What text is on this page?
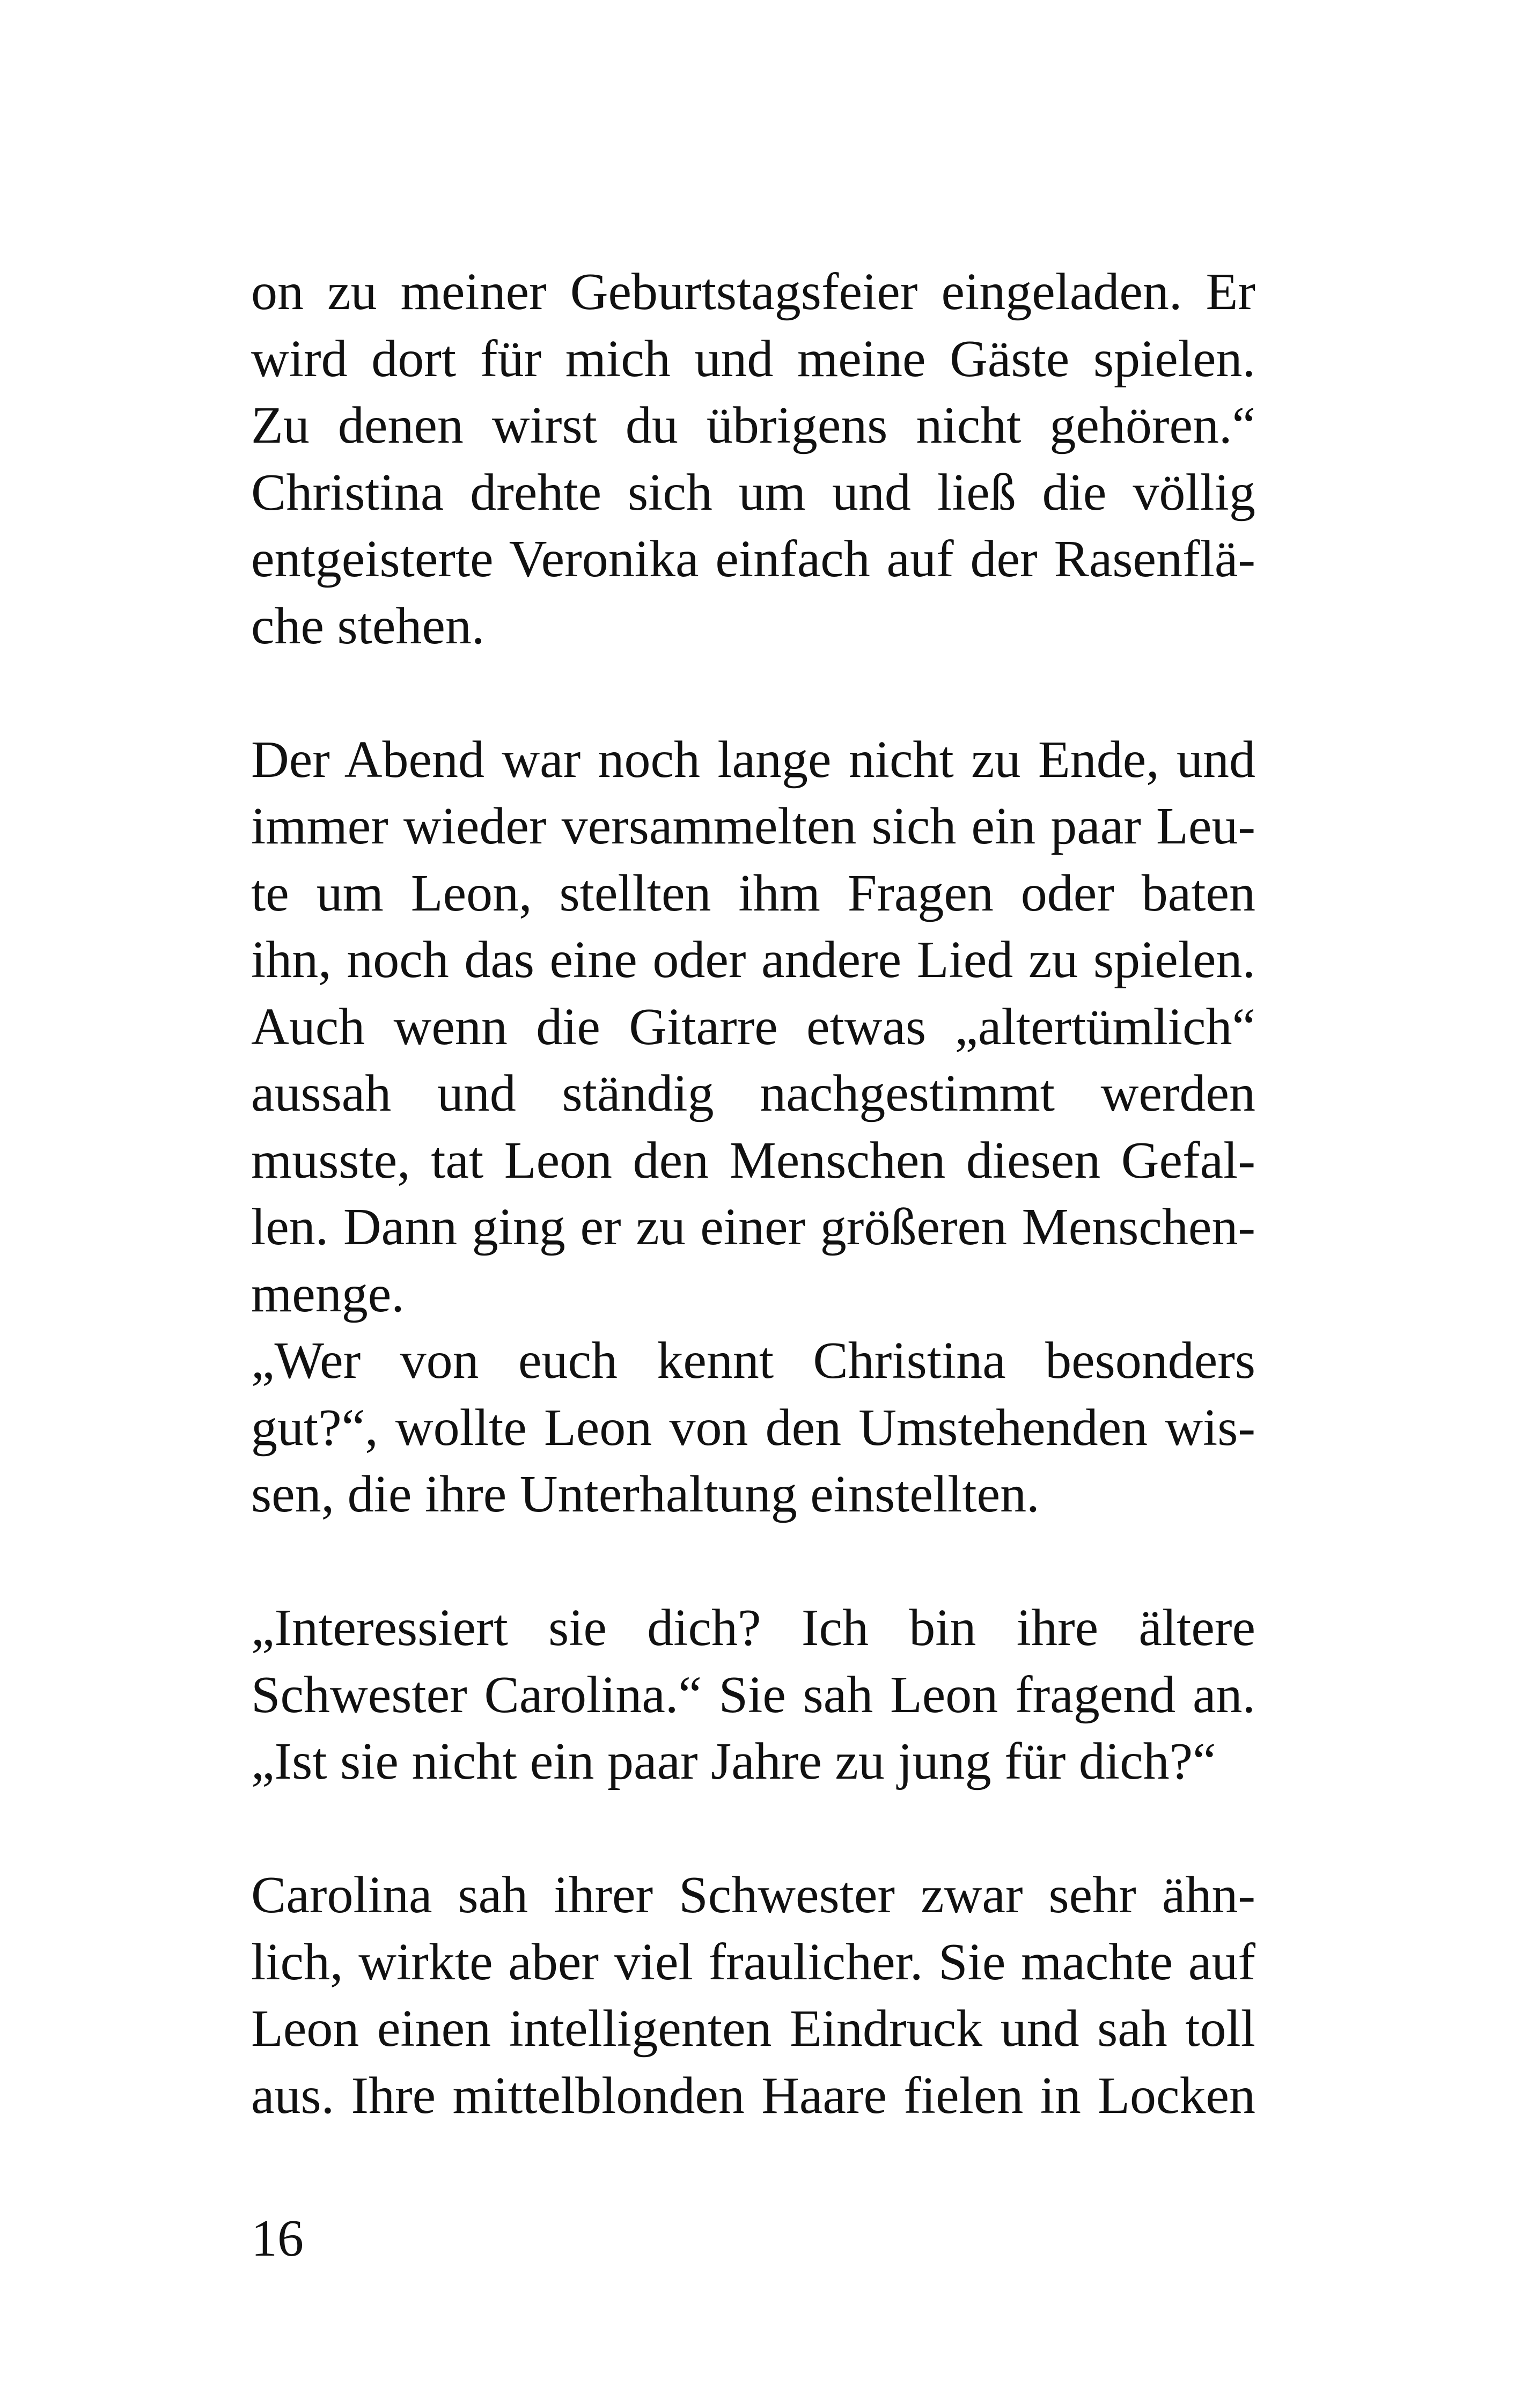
on zu meiner Geburtstagsfeier eingeladen. Er
wird dort für mich und meine Gäste spielen.
Zu denen wirst du übrigens nicht gehören.“
Christina drehte sich um und ließ die völlig
entgeisterte Veronika einfach auf der Rasenflä-
che stehen.
Der Abend war noch lange nicht zu Ende, und
immer wieder versammelten sich ein paar Leu-
te um Leon, stellten ihm Fragen oder baten
ihn, noch das eine oder andere Lied zu spielen.
Auch wenn die Gitarre etwas „altertümlich“
aussah und ständig nachgestimmt werden
musste, tat Leon den Menschen diesen Gefal-
len. Dann ging er zu einer größeren Menschen-
menge.
„Wer von euch kennt Christina besonders
gut?“, wollte Leon von den Umstehenden wis-
sen, die ihre Unterhaltung einstellten.
„Interessiert sie dich? Ich bin ihre ältere
Schwester Carolina.“ Sie sah Leon fragend an.
„Ist sie nicht ein paar Jahre zu jung für dich?“
Carolina sah ihrer Schwester zwar sehr ähn-
lich, wirkte aber viel fraulicher. Sie machte auf
Leon einen intelligenten Eindruck und sah toll
aus. Ihre mittelblonden Haare fielen in Locken
16
